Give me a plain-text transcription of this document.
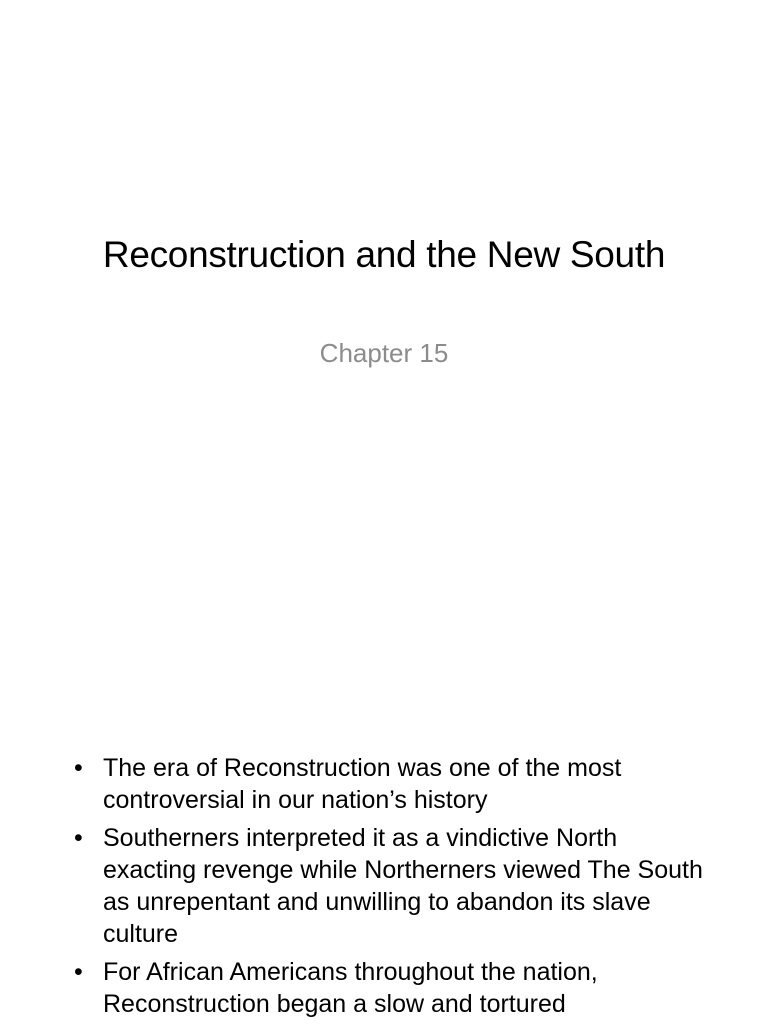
Reconstruction and the New South

Chapter 15

• The era of Reconstruction was one of the most controversial in our nation’s history
• Southerners interpreted it as a vindictive North exacting revenge while Northerners viewed The South as unrepentant and unwilling to abandon its slave culture
• For African Americans throughout the nation, Reconstruction began a slow and tortured
